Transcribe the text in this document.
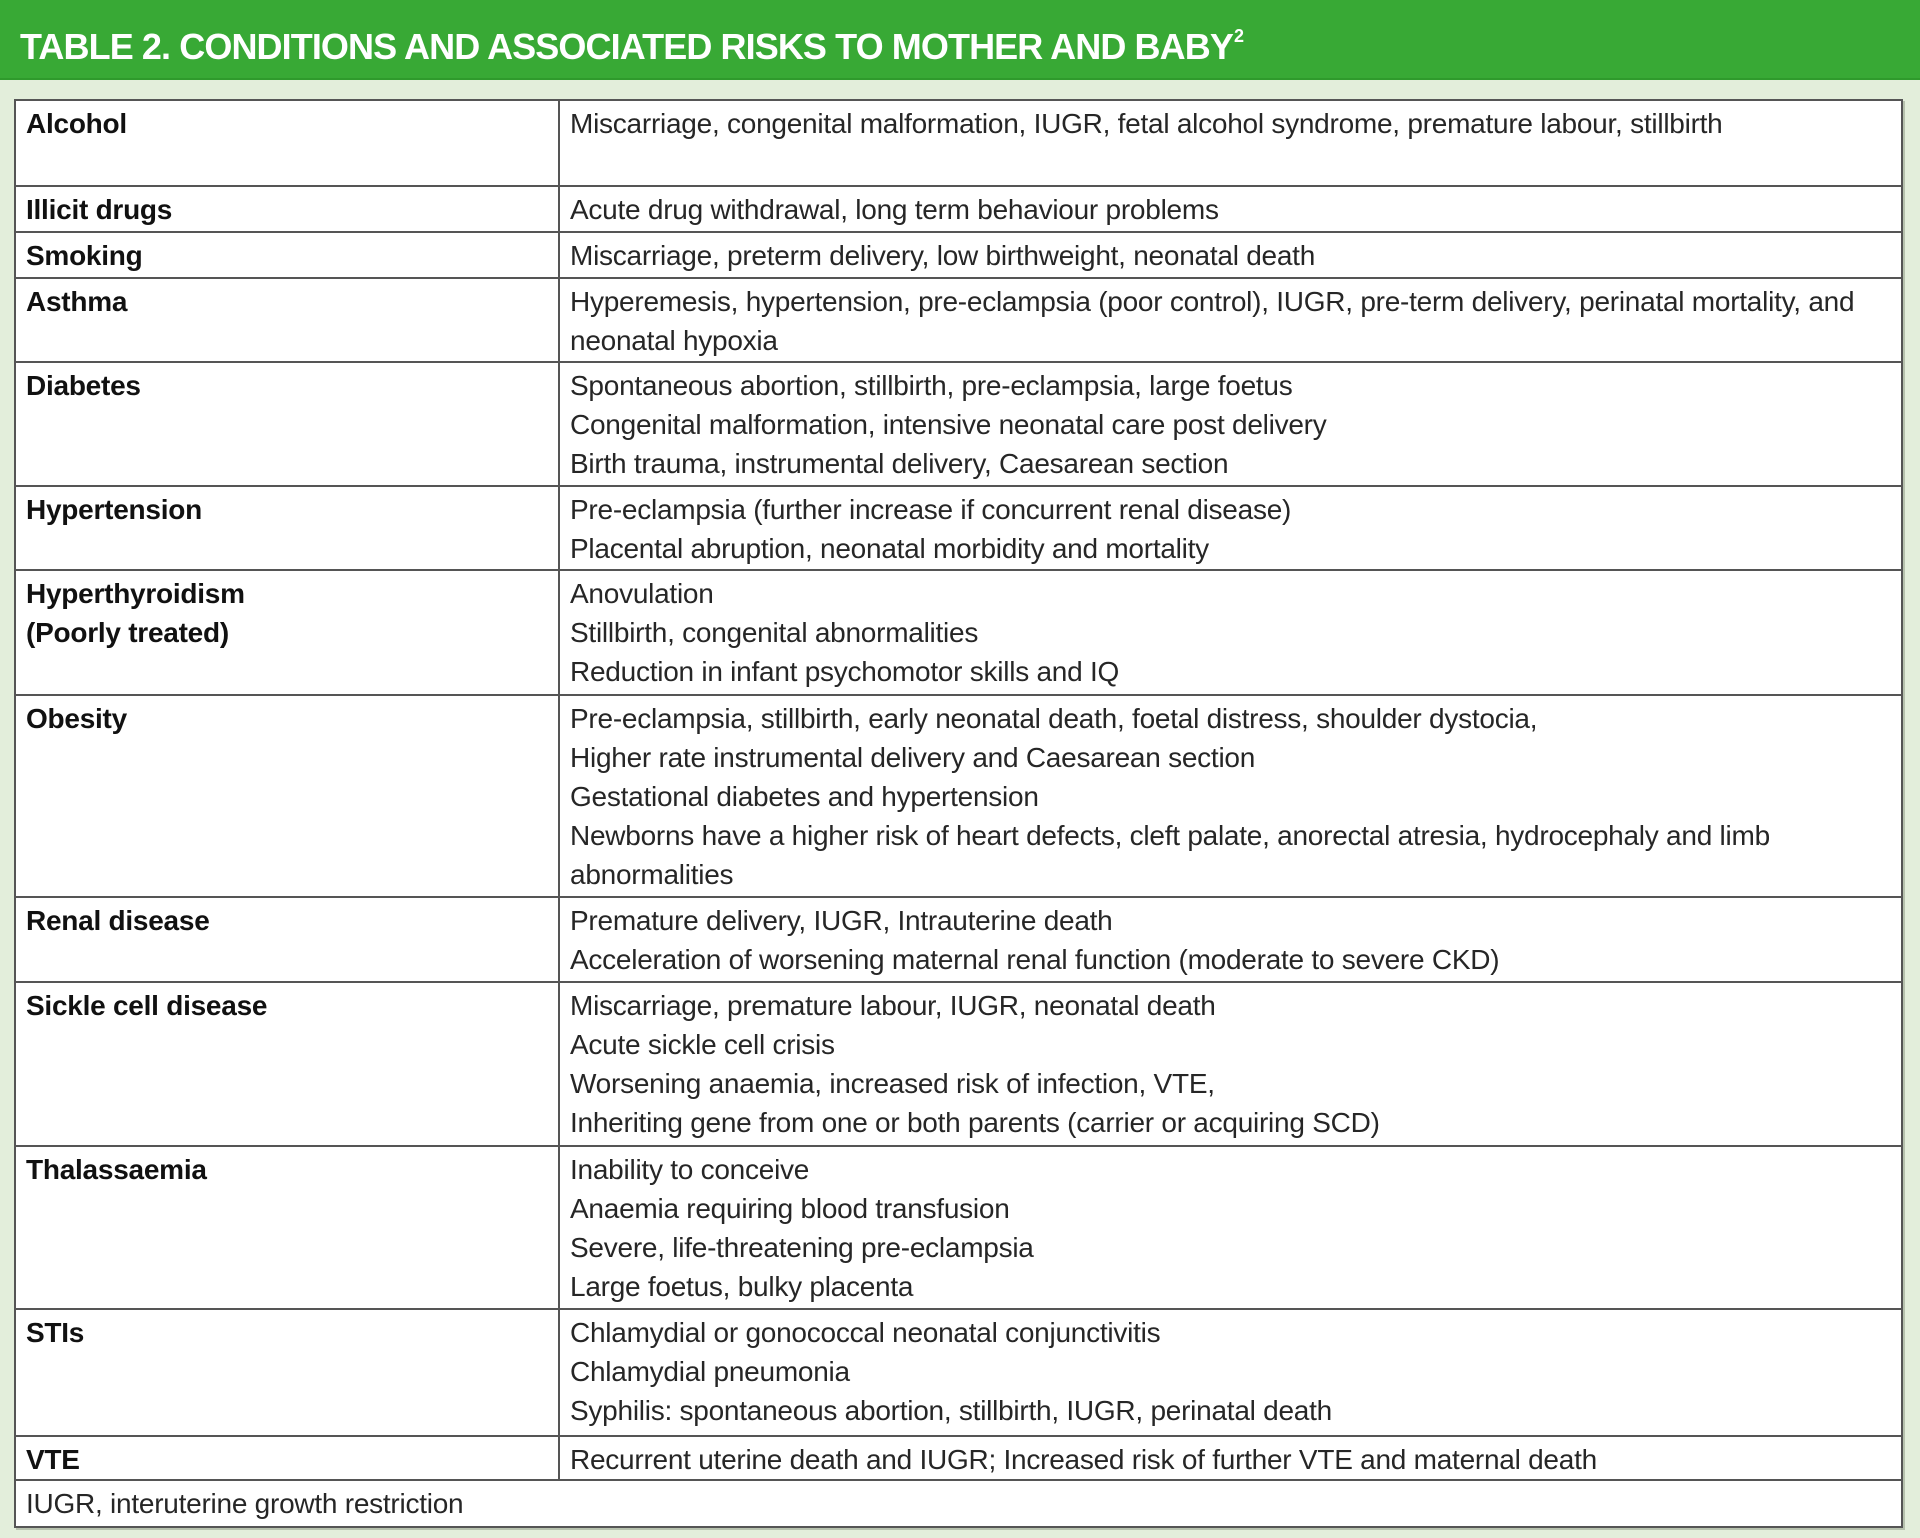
TABLE 2. CONDITIONS AND ASSOCIATED RISKS TO MOTHER AND BABY$^2$
Alcohol	Miscarriage, congenital malformation, IUGR, fetal alcohol syndrome, premature labour, stillbirth

Illicit drugs	Acute drug withdrawal, long term behaviour problems

Smoking	Miscarriage, preterm delivery, low birthweight, neonatal death

Asthma	Hyperemesis, hypertension, pre-eclampsia (poor control), IUGR, pre-term delivery, perinatal mortality, and neonatal hypoxia

Diabetes	Spontaneous abortion, stillbirth, pre-eclampsia, large foetus
Congenital malformation, intensive neonatal care post delivery
Birth trauma, instrumental delivery, Caesarean section

Hypertension	Pre-eclampsia (further increase if concurrent renal disease)
Placental abruption, neonatal morbidity and mortality

Hyperthyroidism
(Poorly treated)	Anovulation
Stillbirth, congenital abnormalities
Reduction in infant psychomotor skills and IQ

Obesity	Pre-eclampsia, stillbirth, early neonatal death, foetal distress, shoulder dystocia,
Higher rate instrumental delivery and Caesarean section
Gestational diabetes and hypertension
Newborns have a higher risk of heart defects, cleft palate, anorectal atresia, hydrocephaly and limb abnormalities

Renal disease	Premature delivery, IUGR, Intrauterine death
Acceleration of worsening maternal renal function (moderate to severe CKD)

Sickle cell disease	Miscarriage, premature labour, IUGR, neonatal death
Acute sickle cell crisis
Worsening anaemia, increased risk of infection, VTE,
Inheriting gene from one or both parents (carrier or acquiring SCD)

Thalassaemia	Inability to conceive
Anaemia requiring blood transfusion
Severe, life-threatening pre-eclampsia
Large foetus, bulky placenta

STIs	Chlamydial or gonococcal neonatal conjunctivitis
Chlamydial pneumonia
Syphilis: spontaneous abortion, stillbirth, IUGR, perinatal death

VTE	Recurrent uterine death and IUGR; Increased risk of further VTE and maternal death

IUGR, interuterine growth restriction	
